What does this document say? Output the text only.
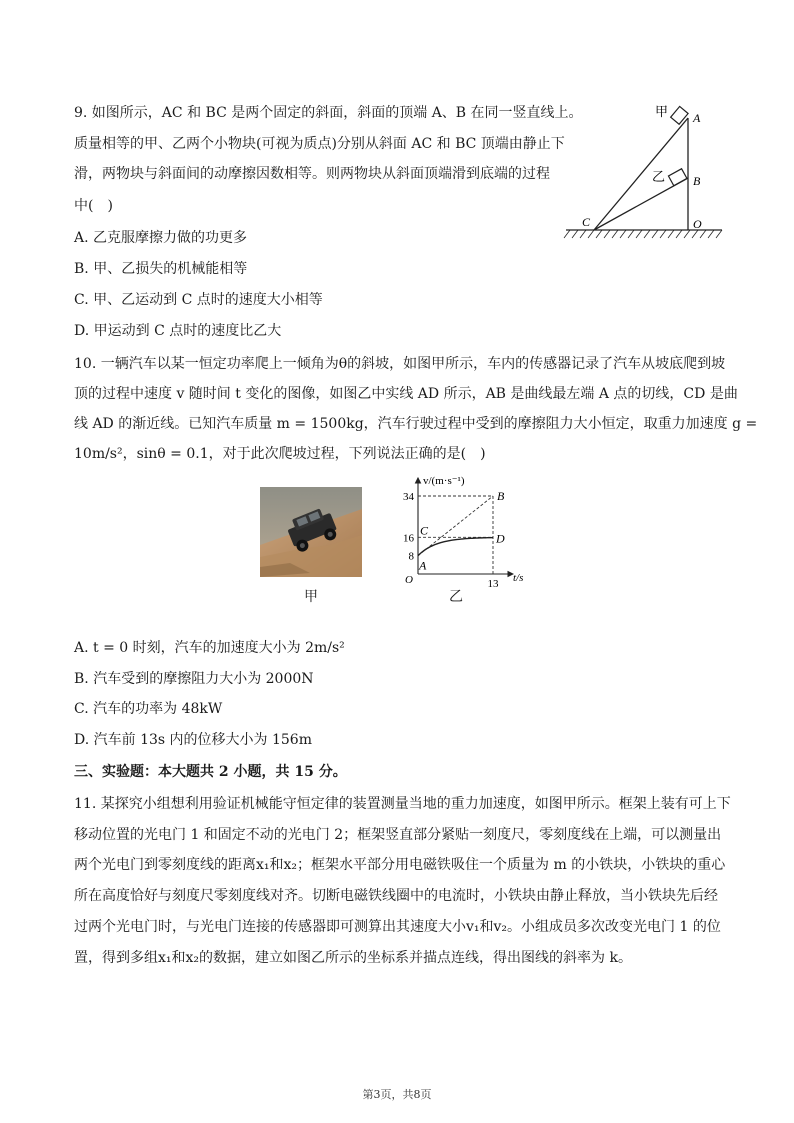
9. 如图所示，AC 和 BC 是两个固定的斜面，斜面的顶端 A、B 在同一竖直线上。
质量相等的甲、乙两个小物块(可视为质点)分别从斜面 AC 和 BC 顶端由静止下
滑，两物块与斜面间的动摩擦因数相等。则两物块从斜面顶端滑到底端的过程
中(　)
A. 乙克服摩擦力做的功更多
B. 甲、乙损失的机械能相等
C. 甲、乙运动到 C 点时的速度大小相等
D. 甲运动到 C 点时的速度比乙大
甲
乙
A
B
C	O
10. 一辆汽车以某一恒定功率爬上一倾角为θ的斜坡，如图甲所示，车内的传感器记录了汽车从坡底爬到坡
顶的过程中速度 v 随时间 t 变化的图像，如图乙中实线 AD 所示，AB 是曲线最左端 A 点的切线，CD 是曲
线 AD 的渐近线。已知汽车质量 m = 1500kg，汽车行驶过程中受到的摩擦阻力大小恒定，取重力加速度 g =
10m/s²，sinθ = 0.1，对于此次爬坡过程，下列说法正确的是(　)
甲
v/(m·s⁻¹)
t/s
O
8
16
34
13
A
B
C
D
乙
A. t = 0 时刻，汽车的加速度大小为 2m/s²
B. 汽车受到的摩擦阻力大小为 2000N
C. 汽车的功率为 48kW
D. 汽车前 13s 内的位移大小为 156m
三、实验题：本大题共 2 小题，共 15 分。
11. 某探究小组想利用验证机械能守恒定律的装置测量当地的重力加速度，如图甲所示。框架上装有可上下
移动位置的光电门 1 和固定不动的光电门 2；框架竖直部分紧贴一刻度尺，零刻度线在上端，可以测量出
两个光电门到零刻度线的距离x₁和x₂；框架水平部分用电磁铁吸住一个质量为 m 的小铁块，小铁块的重心
所在高度恰好与刻度尺零刻度线对齐。切断电磁铁线圈中的电流时，小铁块由静止释放，当小铁块先后经
过两个光电门时，与光电门连接的传感器即可测算出其速度大小v₁和v₂。小组成员多次改变光电门 1 的位
置，得到多组x₁和x₂的数据，建立如图乙所示的坐标系并描点连线，得出图线的斜率为 k。
第3页，共8页
